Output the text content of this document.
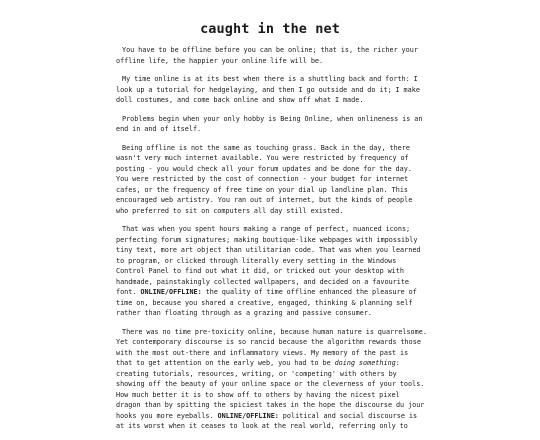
caught in the net

You have to be offline before you can be online; that is, the richer your offline life, the happier your online life will be.

My time online is at its best when there is a shuttling back and forth: I look up a tutorial for hedgelaying, and then I go outside and do it; I make doll costumes, and come back online and show off what I made.

Problems begin when your only hobby is Being Online, when onlineness is an end in and of itself.

Being offline is not the same as touching grass. Back in the day, there wasn't very much internet available. You were restricted by frequency of posting - you would check all your forum updates and be done for the day. You were restricted by the cost of connection - your budget for internet cafes, or the frequency of free time on your dial up landline plan. This encouraged web artistry. You ran out of internet, but the kinds of people who preferred to sit on computers all day still existed.

That was when you spent hours making a range of perfect, nuanced icons; perfecting forum signatures; making boutique-like webpages with impossibly tiny text, more art object than utilitarian code. That was when you learned to program, or clicked through literally every setting in the Windows Control Panel to find out what it did, or tricked out your desktop with handmade, painstakingly collected wallpapers, and decided on a favourite font. ONLINE/OFFLINE: the quality of time offline enhanced the pleasure of time on, because you shared a creative, engaged, thinking & planning self rather than floating through as a grazing and passive consumer.

There was no time pre-toxicity online, because human nature is quarrelsome. Yet contemporary discourse is so rancid because the algorithm rewards those with the most out-there and inflammatory views. My memory of the past is that to get attention on the early web, you had to be doing something: creating tutorials, resources, writing, or 'competing' with others by showing off the beauty of your online space or the cleverness of your tools. How much better it is to show off to others by having the nicest pixel dragon than by spitting the spiciest takes in the hope the discourse du jour hooks you more eyeballs. ONLINE/OFFLINE: political and social discourse is at its worst when it ceases to look at the real world, referring only to
